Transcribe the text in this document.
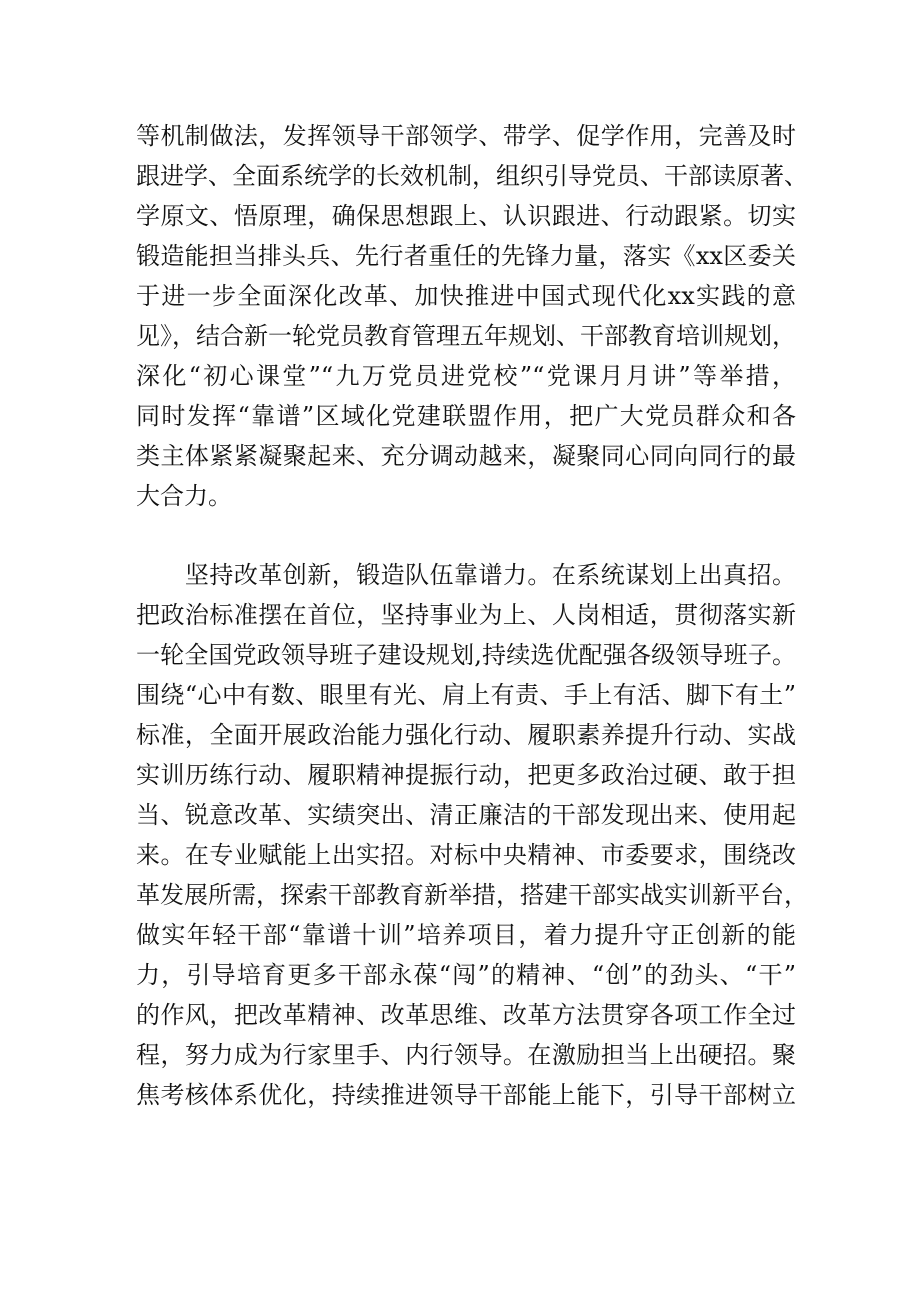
等机制做法，发挥领导干部领学、带学、促学作用，完善及时
跟进学、全面系统学的长效机制，组织引导党员、干部读原著、
学原文、悟原理，确保思想跟上、认识跟进、行动跟紧。切实
锻造能担当排头兵、先行者重任的先锋力量，落实《xx区委关
于进一步全面深化改革、加快推进中国式现代化xx实践的意
见》，结合新一轮党员教育管理五年规划、干部教育培训规划，
深化“初心课堂”“九万党员进党校”“党课月月讲”等举措，
同时发挥“靠谱”区域化党建联盟作用，把广大党员群众和各
类主体紧紧凝聚起来、充分调动越来，凝聚同心同向同行的最
大合力。
　　坚持改革创新，锻造队伍靠谱力。在系统谋划上出真招。
把政治标准摆在首位，坚持事业为上、人岗相适，贯彻落实新
一轮全国党政领导班子建设规划,持续选优配强各级领导班子。
围绕“心中有数、眼里有光、肩上有责、手上有活、脚下有土”
标准，全面开展政治能力强化行动、履职素养提升行动、实战
实训历练行动、履职精神提振行动，把更多政治过硬、敢于担
当、锐意改革、实绩突出、清正廉洁的干部发现出来、使用起
来。在专业赋能上出实招。对标中央精神、市委要求，围绕改
革发展所需，探索干部教育新举措，搭建干部实战实训新平台，
做实年轻干部“靠谱十训”培养项目，着力提升守正创新的能
力，引导培育更多干部永葆“闯”的精神、“创”的劲头、“干”
的作风，把改革精神、改革思维、改革方法贯穿各项工作全过
程，努力成为行家里手、内行领导。在激励担当上出硬招。聚
焦考核体系优化，持续推进领导干部能上能下，引导干部树立
